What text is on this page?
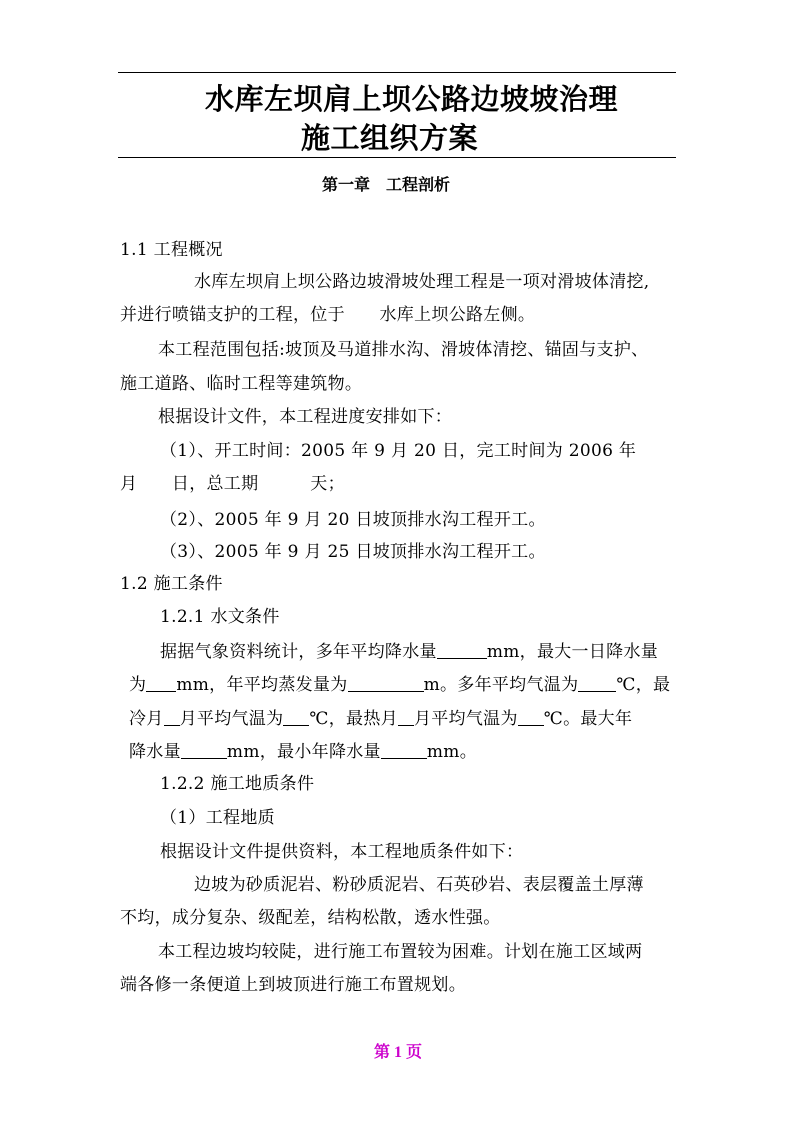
水库左坝肩上坝公路边坡坡治理
施工组织方案
第一章　工程剖析
1.1 工程概况
水库左坝肩上坝公路边坡滑坡处理工程是一项对滑坡体清挖,
并进行喷锚支护的工程，位于　　水库上坝公路左侧。
本工程范围包括:坡顶及马道排水沟、滑坡体清挖、锚固与支护、
施工道路、临时工程等建筑物。
根据设计文件，本工程进度安排如下：
（1）、开工时间：2005 年 9 月 20 日，完工时间为 2006 年
月　　日，总工期　　　天；
（2）、2005 年 9 月 20 日坡顶排水沟工程开工。
（3）、2005 年 9 月 25 日坡顶排水沟工程开工。
1.2 施工条件
1.2.1 水文条件
据据气象资料统计，多年平均降水量	mm，最大一日降水量
为 mm，年平均蒸发量为	m。多年平均气温为 ℃，最
冷月 月平均气温为 ℃，最热月 月平均气温为 ℃。最大年
降水量	mm，最小年降水量	mm。
1.2.2 施工地质条件
（1）工程地质
根据设计文件提供资料，本工程地质条件如下：
边坡为砂质泥岩、粉砂质泥岩、石英砂岩、表层覆盖土厚薄
不均，成分复杂、级配差，结构松散，透水性强。
本工程边坡均较陡，进行施工布置较为困难。计划在施工区域两
端各修一条便道上到坡顶进行施工布置规划。
第 1 页
